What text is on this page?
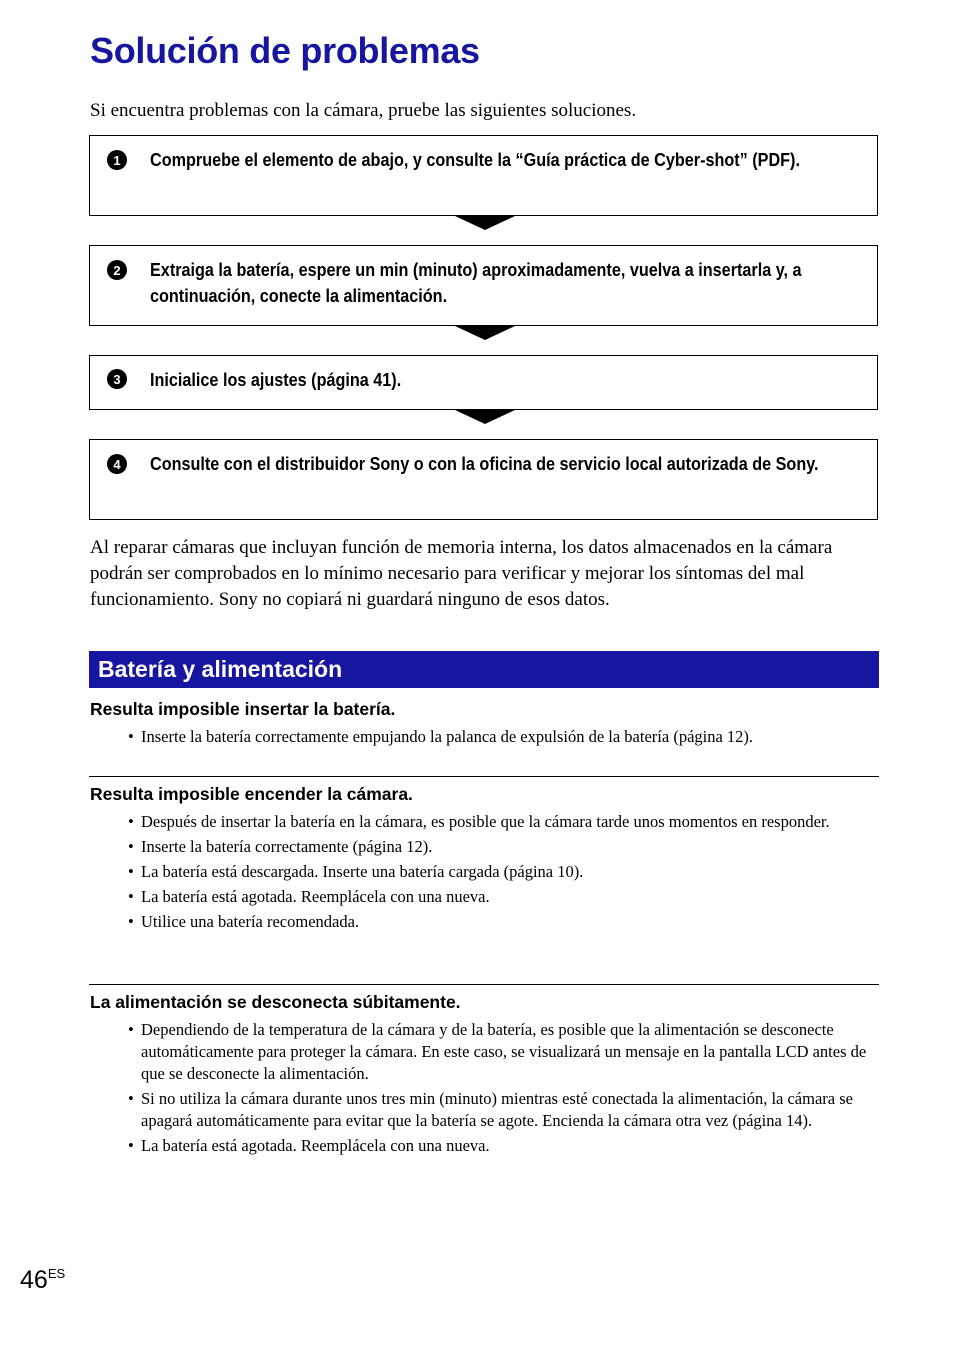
Solución de problemas

Si encuentra problemas con la cámara, pruebe las siguientes soluciones.

1	Compruebe el elemento de abajo, y consulte la “Guía práctica de Cyber-shot” (PDF).

2	Extraiga la batería, espere un min (minuto) aproximadamente, vuelva a insertarla y, a continuación, conecte la alimentación.

3	Inicialice los ajustes (página 41).

4	Consulte con el distribuidor Sony o con la oficina de servicio local autorizada de Sony.

Al reparar cámaras que incluyan función de memoria interna, los datos almacenados en la cámara podrán ser comprobados en lo mínimo necesario para verificar y mejorar los síntomas del mal funcionamiento. Sony no copiará ni guardará ninguno de esos datos.

Batería y alimentación
Resulta imposible insertar la batería.
• Inserte la batería correctamente empujando la palanca de expulsión de la batería (página 12).
Resulta imposible encender la cámara.
• Después de insertar la batería en la cámara, es posible que la cámara tarde unos momentos en responder.
• Inserte la batería correctamente (página 12).
• La batería está descargada. Inserte una batería cargada (página 10).
• La batería está agotada. Reemplácela con una nueva.
• Utilice una batería recomendada.
La alimentación se desconecta súbitamente.
• Dependiendo de la temperatura de la cámara y de la batería, es posible que la alimentación se desconecte automáticamente para proteger la cámara. En este caso, se visualizará un mensaje en la pantalla LCD antes de que se desconecte la alimentación.
• Si no utiliza la cámara durante unos tres min (minuto) mientras esté conectada la alimentación, la cámara se apagará automáticamente para evitar que la batería se agote. Encienda la cámara otra vez (página 14).
• La batería está agotada. Reemplácela con una nueva.
$46^{ES}$
